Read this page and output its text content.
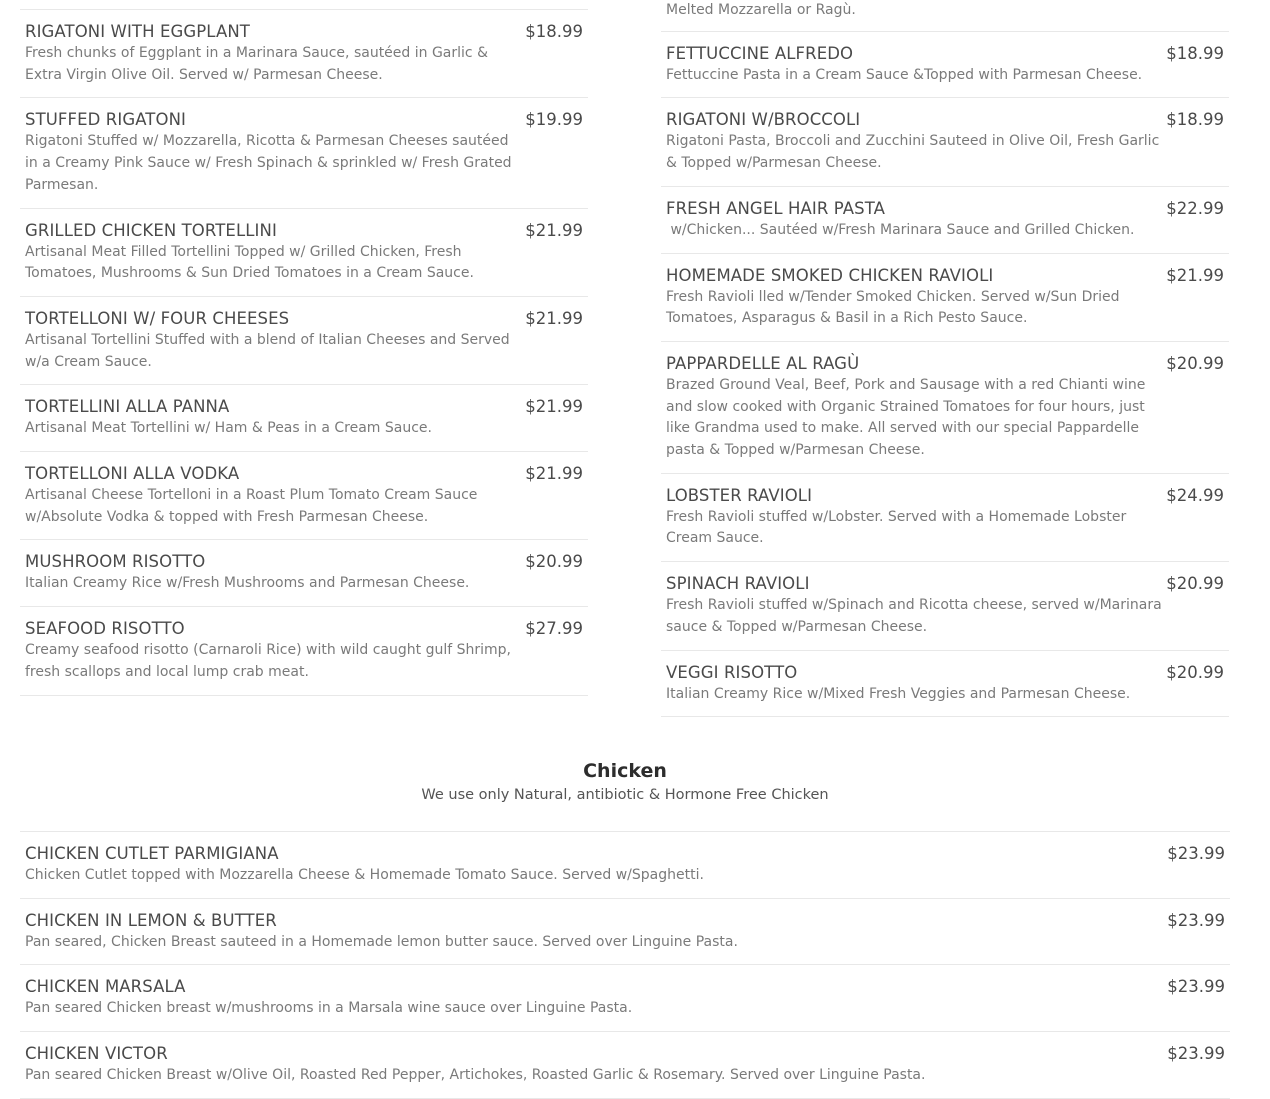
RIGATONI WITH EGGPLANT	$18.99
Fresh chunks of Eggplant in a Marinara Sauce, sautéed in Garlic & Extra Virgin Olive Oil. Served w/ Parmesan Cheese.
STUFFED RIGATONI	$19.99
Rigatoni Stuffed w/ Mozzarella, Ricotta & Parmesan Cheeses sautéed in a Creamy Pink Sauce w/ Fresh Spinach & sprinkled w/ Fresh Grated Parmesan.
GRILLED CHICKEN TORTELLINI	$21.99
Artisanal Meat Filled Tortellini Topped w/ Grilled Chicken, Fresh Tomatoes, Mushrooms & Sun Dried Tomatoes in a Cream Sauce.
TORTELLONI W/ FOUR CHEESES	$21.99
Artisanal Tortellini Stuffed with a blend of Italian Cheeses and Served w/a Cream Sauce.
TORTELLINI ALLA PANNA	$21.99
Artisanal Meat Tortellini w/ Ham & Peas in a Cream Sauce.
TORTELLONI ALLA VODKA	$21.99
Artisanal Cheese Tortelloni in a Roast Plum Tomato Cream Sauce w/Absolute Vodka & topped with Fresh Parmesan Cheese.
MUSHROOM RISOTTO	$20.99
Italian Creamy Rice w/Fresh Mushrooms and Parmesan Cheese.
SEAFOOD RISOTTO	$27.99
Creamy seafood risotto (Carnaroli Rice) with wild caught gulf Shrimp, fresh scallops and local lump crab meat.
Melted Mozzarella or Ragù.
FETTUCCINE ALFREDO	$18.99
Fettuccine Pasta in a Cream Sauce &Topped with Parmesan Cheese.
RIGATONI W/BROCCOLI	$18.99
Rigatoni Pasta, Broccoli and Zucchini Sauteed in Olive Oil, Fresh Garlic & Topped w/Parmesan Cheese.
FRESH ANGEL HAIR PASTA	$22.99
w/Chicken... Sautéed w/Fresh Marinara Sauce and Grilled Chicken.
HOMEMADE SMOKED CHICKEN RAVIOLI	$21.99
Fresh Ravioli lled w/Tender Smoked Chicken. Served w/Sun Dried Tomatoes, Asparagus & Basil in a Rich Pesto Sauce.
PAPPARDELLE AL RAGÙ	$20.99
Brazed Ground Veal, Beef, Pork and Sausage with a red Chianti wine and slow cooked with Organic Strained Tomatoes for four hours, just like Grandma used to make. All served with our special Pappardelle pasta & Topped w/Parmesan Cheese.
LOBSTER RAVIOLI	$24.99
Fresh Ravioli stuffed w/Lobster. Served with a Homemade Lobster Cream Sauce.
SPINACH RAVIOLI	$20.99
Fresh Ravioli stuffed w/Spinach and Ricotta cheese, served w/Marinara sauce & Topped w/Parmesan Cheese.
VEGGI RISOTTO	$20.99
Italian Creamy Rice w/Mixed Fresh Veggies and Parmesan Cheese.
Chicken

We use only Natural, antibiotic & Hormone Free Chicken

CHICKEN CUTLET PARMIGIANA	$23.99
Chicken Cutlet topped with Mozzarella Cheese & Homemade Tomato Sauce. Served w/Spaghetti.
CHICKEN IN LEMON & BUTTER	$23.99
Pan seared, Chicken Breast sauteed in a Homemade lemon butter sauce. Served over Linguine Pasta.
CHICKEN MARSALA	$23.99
Pan seared Chicken breast w/mushrooms in a Marsala wine sauce over Linguine Pasta.
CHICKEN VICTOR	$23.99
Pan seared Chicken Breast w/Olive Oil, Roasted Red Pepper, Artichokes, Roasted Garlic & Rosemary. Served over Linguine Pasta.
